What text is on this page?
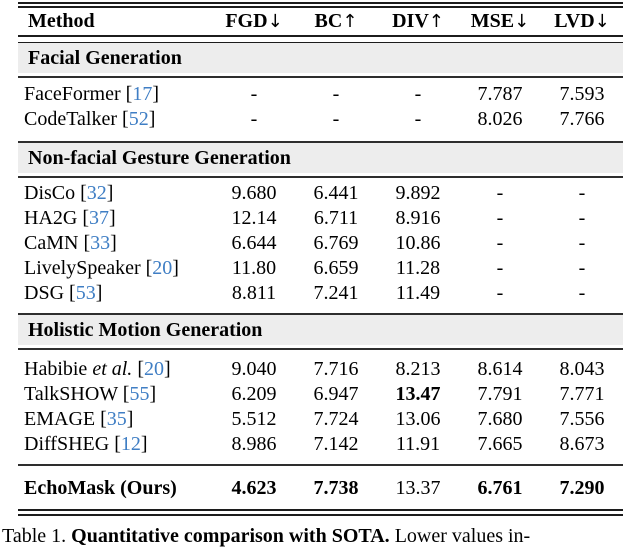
Method	FGD↓	BC↑	DIV↑	MSE↓	LVD↓
Facial Generation
FaceFormer [17]	-	-	-	7.787	7.593
CodeTalker [52]	-	-	-	8.026	7.766
Non-facial Gesture Generation
DisCo [32]	9.680	6.441	9.892	-	-
HA2G [37]	12.14	6.711	8.916	-	-
CaMN [33]	6.644	6.769	10.86	-	-
LivelySpeaker [20]	11.80	6.659	11.28	-	-
DSG [53]	8.811	7.241	11.49	-	-
Holistic Motion Generation
Habibie et al. [20]	9.040	7.716	8.213	8.614	8.043
TalkSHOW [55]	6.209	6.947	13.47	7.791	7.771
EMAGE [35]	5.512	7.724	13.06	7.680	7.556
DiffSHEG [12]	8.986	7.142	11.91	7.665	8.673
EchoMask (Ours)	4.623	7.738	13.37	6.761	7.290
Table 1. Quantitative comparison with SOTA. Lower values in-
